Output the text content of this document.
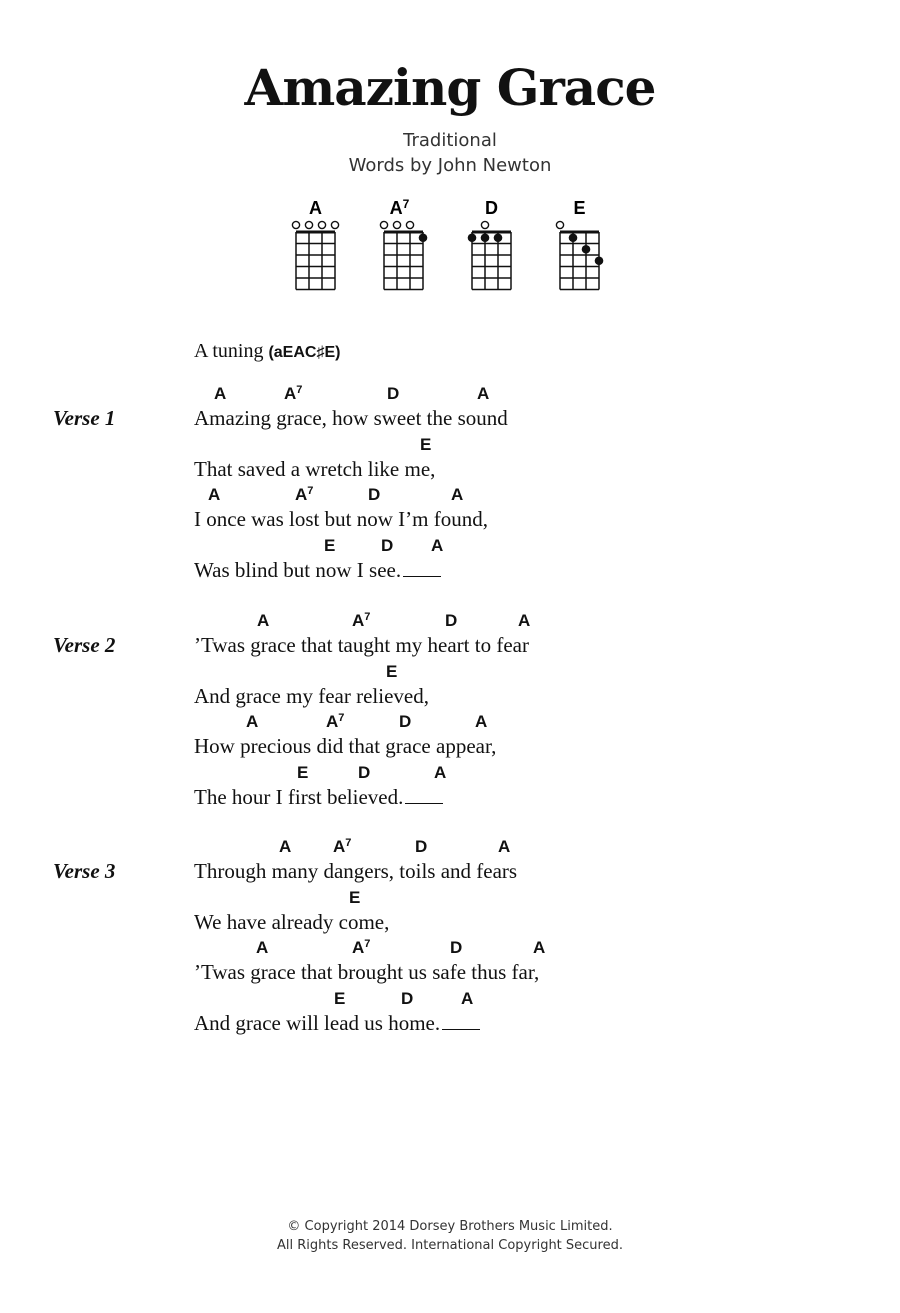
Amazing Grace
Traditional
Words by John Newton
A	$A^7$	D	E
A tuning (aEAC♯E)
Verse 1
A	$A^7$	D	A
Amazing grace, how sweet the sound
E
That saved a wretch like me,
A	$A^7$	D	A
I once was lost but now I’m found,
E	D A
Was blind but now I see.
Verse 2
A	$A^7$	D	A
’Twas grace that taught my heart to fear
E
And grace my fear relieved,
A	$A^7$	D	A
How precious did that grace appear,
E	D	A
The hour I first believed.
Verse 3
A $A^7$	D	A
Through many dangers, toils and fears
E
We have already come,
A	$A^7$	D	A
’Twas grace that brought us safe thus far,
E	D	A
And grace will lead us home.
© Copyright 2014 Dorsey Brothers Music Limited.
All Rights Reserved. International Copyright Secured.
